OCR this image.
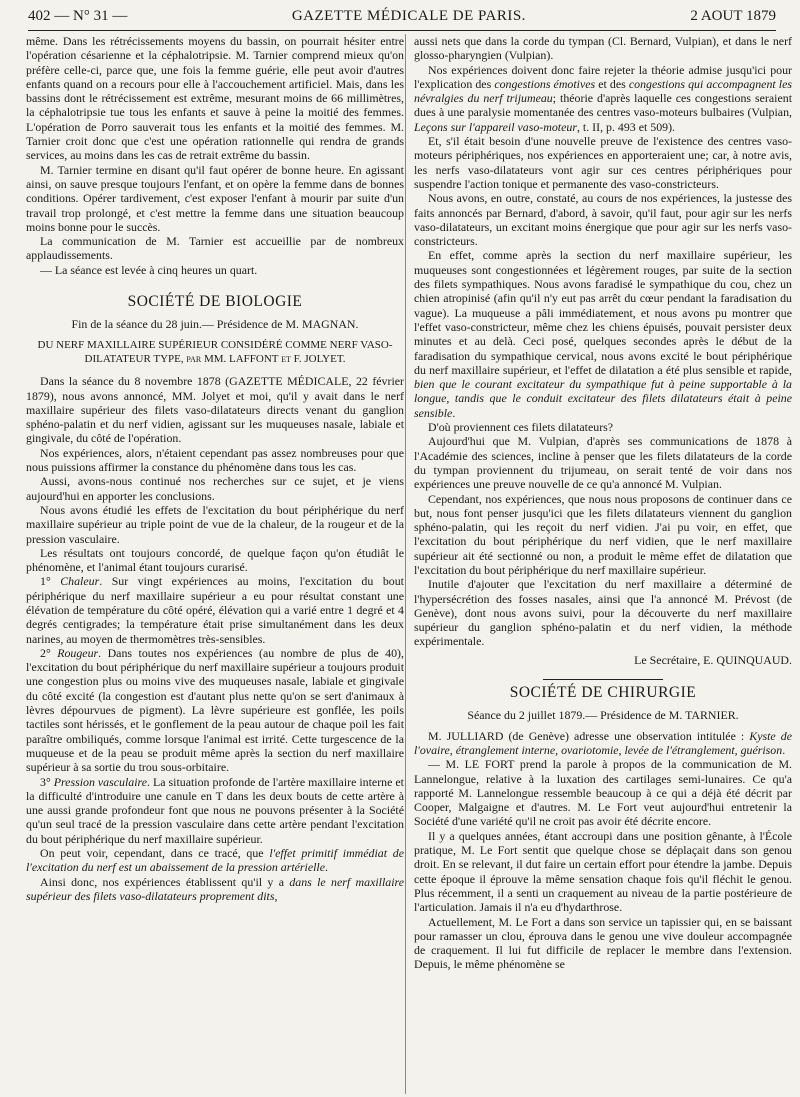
402 — N° 31 —	GAZETTE MÉDICALE DE PARIS.	2 AOUT 1879

même. Dans les rétrécissements moyens du bassin, on pourrait hésiter entre l'opération césarienne et la céphalotripsie. M. Tarnier comprend mieux qu'on préfère celle-ci, parce que, une fois la femme guérie, elle peut avoir d'autres enfants quand on a recours pour elle à l'accouchement artificiel. Mais, dans les bassins dont le rétrécissement est extrême, mesurant moins de 66 millimètres, la céphalotripsie tue tous les enfants et sauve à peine la moitié des femmes. L'opération de Porro sauverait tous les enfants et la moitié des femmes. M. Tarnier croit donc que c'est une opération rationnelle qui rendra de grands services, au moins dans les cas de retrait extrême du bassin.

M. Tarnier termine en disant qu'il faut opérer de bonne heure. En agissant ainsi, on sauve presque toujours l'enfant, et on opère la femme dans de bonnes conditions. Opérer tardivement, c'est exposer l'enfant à mourir par suite d'un travail trop prolongé, et c'est mettre la femme dans une situation beaucoup moins bonne pour le succès.

La communication de M. Tarnier est accueillie par de nombreux applaudissements.

— La séance est levée à cinq heures un quart.

SOCIÉTÉ DE BIOLOGIE

Fin de la séance du 28 juin.— Présidence de M. MAGNAN.

DU NERF MAXILLAIRE SUPÉRIEUR CONSIDÉRÉ COMME NERF VASO-DILATATEUR TYPE, par MM. LAFFONT et F. JOLYET.

Dans la séance du 8 novembre 1878 (GAZETTE MÉDICALE, 22 février 1879), nous avons annoncé, MM. Jolyet et moi, qu'il y avait dans le nerf maxillaire supérieur des filets vaso-dilatateurs directs venant du ganglion sphéno-palatin et du nerf vidien, agissant sur les muqueuses nasale, labiale et gingivale, du côté de l'opération.

Nos expériences, alors, n'étaient cependant pas assez nombreuses pour que nous puissions affirmer la constance du phénomène dans tous les cas.

Aussi, avons-nous continué nos recherches sur ce sujet, et je viens aujourd'hui en apporter les conclusions.

Nous avons étudié les effets de l'excitation du bout périphérique du nerf maxillaire supérieur au triple point de vue de la chaleur, de la rougeur et de la pression vasculaire.

Les résultats ont toujours concordé, de quelque façon qu'on étudiât le phénomène, et l'animal étant toujours curarisé.

1° Chaleur. Sur vingt expériences au moins, l'excitation du bout périphérique du nerf maxillaire supérieur a eu pour résultat constant une élévation de température du côté opéré, élévation qui a varié entre 1 degré et 4 degrés centigrades; la température était prise simultanément dans les deux narines, au moyen de thermomètres très-sensibles.

2° Rougeur. Dans toutes nos expériences (au nombre de plus de 40), l'excitation du bout périphérique du nerf maxillaire supérieur a toujours produit une congestion plus ou moins vive des muqueuses nasale, labiale et gingivale du côté excité (la congestion est d'autant plus nette qu'on se sert d'animaux à lèvres dépourvues de pigment). La lèvre supérieure est gonflée, les poils tactiles sont hérissés, et le gonflement de la peau autour de chaque poil les fait paraître ombiliqués, comme lorsque l'animal est irrité. Cette turgescence de la muqueuse et de la peau se produit même après la section du nerf maxillaire supérieur à sa sortie du trou sous-orbitaire.

3° Pression vasculaire. La situation profonde de l'artère maxillaire interne et la difficulté d'introduire une canule en T dans les deux bouts de cette artère à une aussi grande profondeur font que nous ne pouvons présenter à la Société qu'un seul tracé de la pression vasculaire dans cette artère pendant l'excitation du bout périphérique du nerf maxillaire supérieur.

On peut voir, cependant, dans ce tracé, que l'effet primitif immédiat de l'excitation du nerf est un abaissement de la pression artérielle.

Ainsi donc, nos expériences établissent qu'il y a dans le nerf maxillaire supérieur des filets vaso-dilatateurs proprement dits,

aussi nets que dans la corde du tympan (Cl. Bernard, Vulpian), et dans le nerf glosso-pharyngien (Vulpian).

Nos expériences doivent donc faire rejeter la théorie admise jusqu'ici pour l'explication des congestions émotives et des congestions qui accompagnent les névralgies du nerf trijumeau; théorie d'après laquelle ces congestions seraient dues à une paralysie momentanée des centres vaso-moteurs bulbaires (Vulpian, Leçons sur l'appareil vaso-moteur, t. II, p. 493 et 509).

Et, s'il était besoin d'une nouvelle preuve de l'existence des centres vaso-moteurs périphériques, nos expériences en apporteraient une; car, à notre avis, les nerfs vaso-dilatateurs vont agir sur ces centres périphériques pour suspendre l'action tonique et permanente des vaso-constricteurs.

Nous avons, en outre, constaté, au cours de nos expériences, la justesse des faits annoncés par Bernard, d'abord, à savoir, qu'il faut, pour agir sur les nerfs vaso-dilatateurs, un excitant moins énergique que pour agir sur les nerfs vaso-constricteurs.

En effet, comme après la section du nerf maxillaire supérieur, les muqueuses sont congestionnées et légèrement rouges, par suite de la section des filets sympathiques. Nous avons faradisé le sympathique du cou, chez un chien atropinisé (afin qu'il n'y eut pas arrêt du cœur pendant la faradisation du vague). La muqueuse a pâli immédiatement, et nous avons pu montrer que l'effet vaso-constricteur, même chez les chiens épuisés, pouvait persister deux minutes et au delà. Ceci posé, quelques secondes après le début de la faradisation du sympathique cervical, nous avons excité le bout périphérique du nerf maxillaire supérieur, et l'effet de dilatation a été plus sensible et rapide, bien que le courant excitateur du sympathique fut à peine supportable à la longue, tandis que le conduit excitateur des filets dilatateurs était à peine sensible.

D'où proviennent ces filets dilatateurs?

Aujourd'hui que M. Vulpian, d'après ses communications de 1878 à l'Académie des sciences, incline à penser que les filets dilatateurs de la corde du tympan proviennent du trijumeau, on serait tenté de voir dans nos expériences une preuve nouvelle de ce qu'a annoncé M. Vulpian.

Cependant, nos expériences, que nous nous proposons de continuer dans ce but, nous font penser jusqu'ici que les filets dilatateurs viennent du ganglion sphéno-palatin, qui les reçoit du nerf vidien. J'ai pu voir, en effet, que l'excitation du bout périphérique du nerf vidien, que le nerf maxillaire supérieur ait été sectionné ou non, a produit le même effet de dilatation que l'excitation du bout périphérique du nerf maxillaire supérieur.

Inutile d'ajouter que l'excitation du nerf maxillaire a déterminé de l'hypersécrétion des fosses nasales, ainsi que l'a annoncé M. Prévost (de Genève), dont nous avons suivi, pour la découverte du nerf maxillaire supérieur du ganglion sphéno-palatin et du nerf vidien, la méthode expérimentale.

Le Secrétaire, E. QUINQUAUD.

SOCIÉTÉ DE CHIRURGIE

Séance du 2 juillet 1879.— Présidence de M. TARNIER.

M. JULLIARD (de Genève) adresse une observation intitulée : Kyste de l'ovaire, étranglement interne, ovariotomie, levée de l'étranglement, guérison.

— M. LE FORT prend la parole à propos de la communication de M. Lannelongue, relative à la luxation des cartilages semi-lunaires. Ce qu'a rapporté M. Lannelongue ressemble beaucoup à ce qui a déjà été décrit par Cooper, Malgaigne et d'autres. M. Le Fort veut aujourd'hui entretenir la Société d'une variété qu'il ne croit pas avoir été décrite encore.

Il y a quelques années, étant accroupi dans une position gênante, à l'École pratique, M. Le Fort sentit que quelque chose se déplaçait dans son genou droit. En se relevant, il dut faire un certain effort pour étendre la jambe. Depuis cette époque il éprouve la même sensation chaque fois qu'il fléchit le genou. Plus récemment, il a senti un craquement au niveau de la partie postérieure de l'articulation. Jamais il n'a eu d'hydarthrose.

Actuellement, M. Le Fort a dans son service un tapissier qui, en se baissant pour ramasser un clou, éprouva dans le genou une vive douleur accompagnée de craquement. Il lui fut difficile de replacer le membre dans l'extension. Depuis, le même phénomène se
